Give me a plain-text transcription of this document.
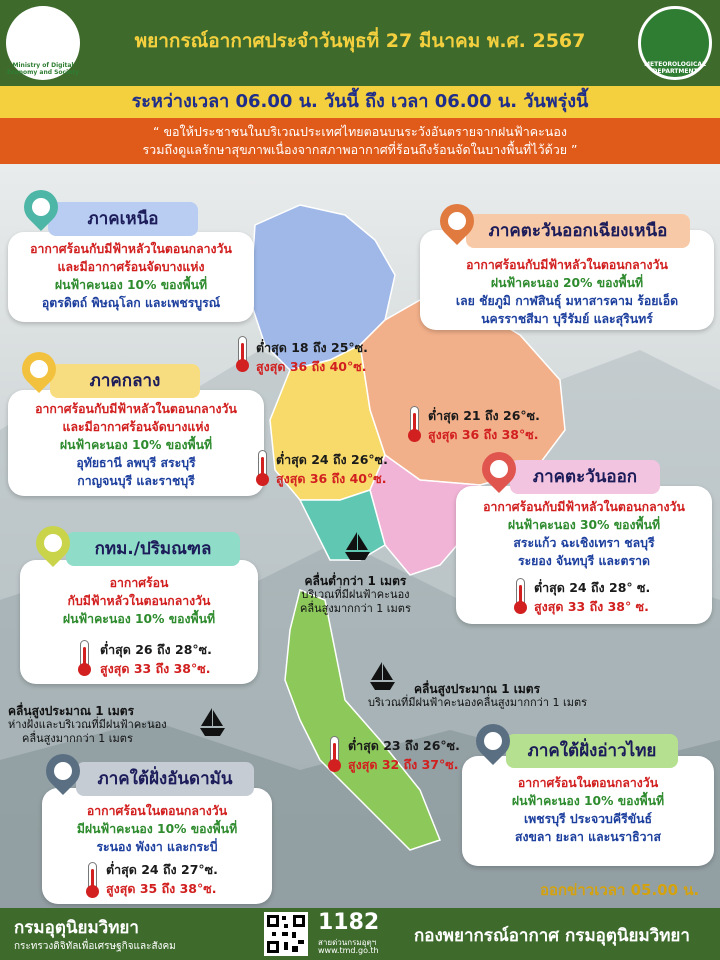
Ministry of Digital Economy and Society
พยากรณ์อากาศประจำวันพุธที่ 27 มีนาคม พ.ศ. 2567
METEOROLOGICAL DEPARTMENT
ระหว่างเวลา 06.00 น. วันนี้ ถึง เวลา 06.00 น. วันพรุ่งนี้
“ ขอให้ประชาชนในบริเวณประเทศไทยตอนบนระวังอันตรายจากฝนฟ้าคะนอง
รวมถึงดูแลรักษาสุขภาพเนื่องจากสภาพอากาศที่ร้อนถึงร้อนจัดในบางพื้นที่ไว้ด้วย ”
อากาศร้อนกับมีฟ้าหลัวในตอนกลางวัน
และมีอากาศร้อนจัดบางแห่ง
ฝนฟ้าคะนอง 10% ของพื้นที่
อุตรดิตถ์ พิษณุโลก และเพชรบูรณ์
ภาคเหนือ
อากาศร้อนกับมีฟ้าหลัวในตอนกลางวัน
ฝนฟ้าคะนอง 20% ของพื้นที่
เลย ชัยภูมิ กาฬสินธุ์ มหาสารคาม ร้อยเอ็ด
นครราชสีมา บุรีรัมย์ และสุรินทร์
ภาคตะวันออกเฉียงเหนือ
อากาศร้อนกับมีฟ้าหลัวในตอนกลางวัน
และมีอากาศร้อนจัดบางแห่ง
ฝนฟ้าคะนอง 10% ของพื้นที่
อุทัยธานี ลพบุรี สระบุรี
กาญจนบุรี และราชบุรี
ภาคกลาง
อากาศร้อนกับมีฟ้าหลัวในตอนกลางวัน
ฝนฟ้าคะนอง 30% ของพื้นที่
สระแก้ว ฉะเชิงเทรา ชลบุรี
ระยอง จันทบุรี และตราด
ภาคตะวันออก
ต่ำสุด 24 ถึง 28° ซ.
สูงสุด 33 ถึง 38° ซ.
อากาศร้อน
กับมีฟ้าหลัวในตอนกลางวัน
ฝนฟ้าคะนอง 10% ของพื้นที่
กทม./ปริมณฑล
ต่ำสุด 26 ถึง 28°ซ.
สูงสุด 33 ถึง 38°ซ.
อากาศร้อนในตอนกลางวัน
ฝนฟ้าคะนอง 10% ของพื้นที่
เพชรบุรี ประจวบคีรีขันธ์
สงขลา ยะลา และนราธิวาส
ภาคใต้ฝั่งอ่าวไทย
อากาศร้อนในตอนกลางวัน
มีฝนฟ้าคะนอง 10% ของพื้นที่
ระนอง พังงา และกระบี่
ภาคใต้ฝั่งอันดามัน
ต่ำสุด 24 ถึง 27°ซ.
สูงสุด 35 ถึง 38°ซ.
ต่ำสุด 18 ถึง 25°ซ.
สูงสุด 36 ถึง 40°ซ.
ต่ำสุด 21 ถึง 26°ซ.
สูงสุด 36 ถึง 38°ซ.
ต่ำสุด 24 ถึง 26°ซ.
สูงสุด 36 ถึง 40°ซ.
ต่ำสุด 23 ถึง 26°ซ.
สูงสุด 32 ถึง 37°ซ.
คลื่นต่ำกว่า 1 เมตร
บริเวณที่มีฝนฟ้าคะนอง
คลื่นสูงมากกว่า 1 เมตร
คลื่นสูงประมาณ 1 เมตร
บริเวณที่มีฝนฟ้าคะนองคลื่นสูงมากกว่า 1 เมตร
คลื่นสูงประมาณ 1 เมตร
ห่างฝั่งและบริเวณที่มีฝนฟ้าคะนอง
คลื่นสูงมากกว่า 1 เมตร
ออกข่าวเวลา 05.00 น.
กรมอุตุนิยมวิทยา
กระทรวงดิจิทัลเพื่อเศรษฐกิจและสังคม
1182
สายด่วนกรมอุตุฯ
www.tmd.go.th
กองพยากรณ์อากาศ กรมอุตุนิยมวิทยา
